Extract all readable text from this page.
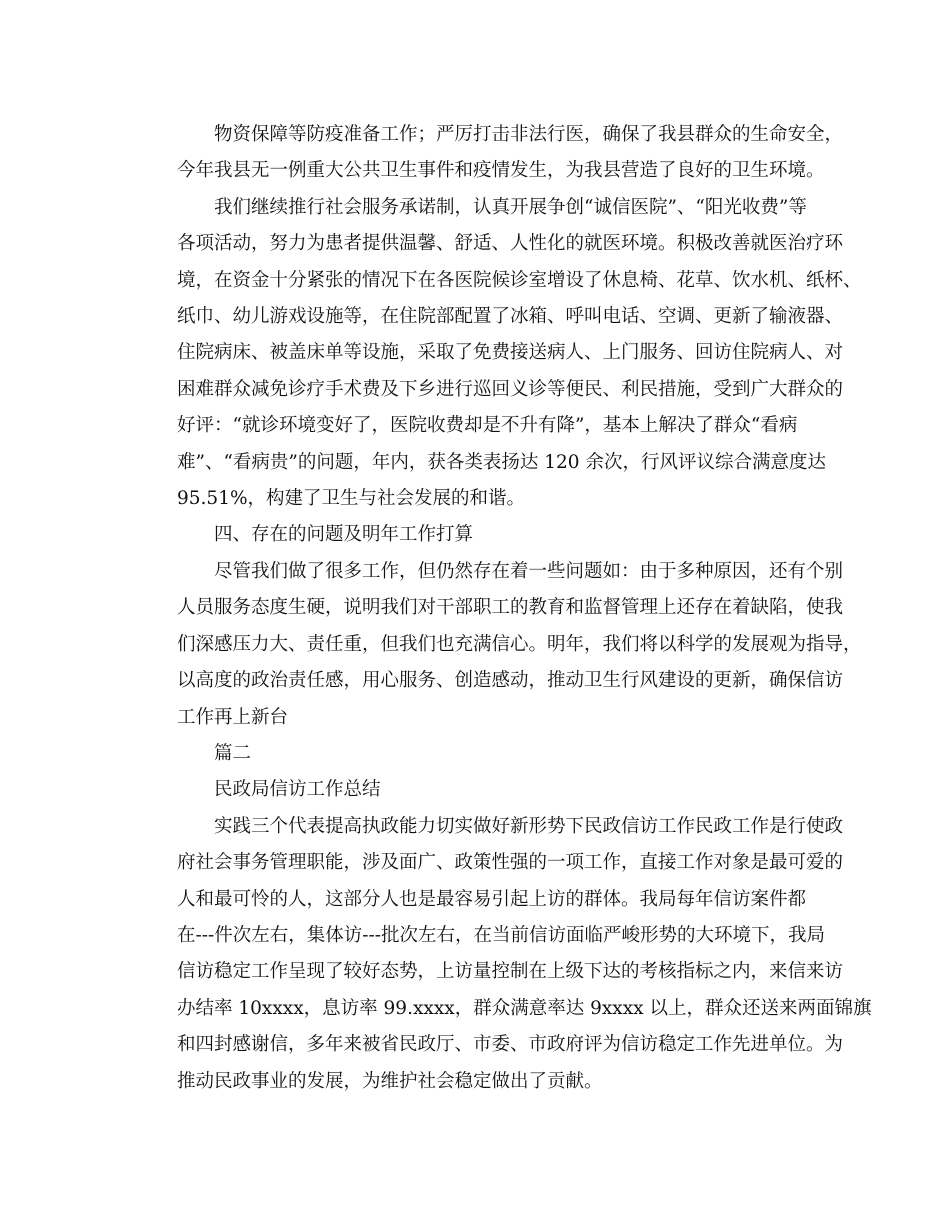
物资保障等防疫准备工作；严厉打击非法行医，确保了我县群众的生命安全，
今年我县无一例重大公共卫生事件和疫情发生，为我县营造了良好的卫生环境。

我们继续推行社会服务承诺制，认真开展争创“诚信医院”、“阳光收费”等
各项活动，努力为患者提供温馨、舒适、人性化的就医环境。积极改善就医治疗环
境，在资金十分紧张的情况下在各医院候诊室增设了休息椅、花草、饮水机、纸杯、
纸巾、幼儿游戏设施等，在住院部配置了冰箱、呼叫电话、空调、更新了输液器、
住院病床、被盖床单等设施，采取了免费接送病人、上门服务、回访住院病人、对
困难群众减免诊疗手术费及下乡进行巡回义诊等便民、利民措施，受到广大群众的
好评：“就诊环境变好了，医院收费却是不升有降”，基本上解决了群众“看病
难”、“看病贵”的问题，年内，获各类表扬达 120 余次，行风评议综合满意度达
95.51%，构建了卫生与社会发展的和谐。

四、存在的问题及明年工作打算

尽管我们做了很多工作，但仍然存在着一些问题如：由于多种原因，还有个别
人员服务态度生硬，说明我们对干部职工的教育和监督管理上还存在着缺陷，使我
们深感压力大、责任重，但我们也充满信心。明年，我们将以科学的发展观为指导，
以高度的政治责任感，用心服务、创造感动，推动卫生行风建设的更新，确保信访
工作再上新台

篇二

民政局信访工作总结

实践三个代表提高执政能力切实做好新形势下民政信访工作民政工作是行使政
府社会事务管理职能，涉及面广、政策性强的一项工作，直接工作对象是最可爱的
人和最可怜的人，这部分人也是最容易引起上访的群体。我局每年信访案件都
在---件次左右，集体访---批次左右，在当前信访面临严峻形势的大环境下，我局
信访稳定工作呈现了较好态势，上访量控制在上级下达的考核指标之内，来信来访
办结率 10xxxx，息访率 99.xxxx，群众满意率达 9xxxx 以上，群众还送来两面锦旗
和四封感谢信，多年来被省民政厅、市委、市政府评为信访稳定工作先进单位。为
推动民政事业的发展，为维护社会稳定做出了贡献。
